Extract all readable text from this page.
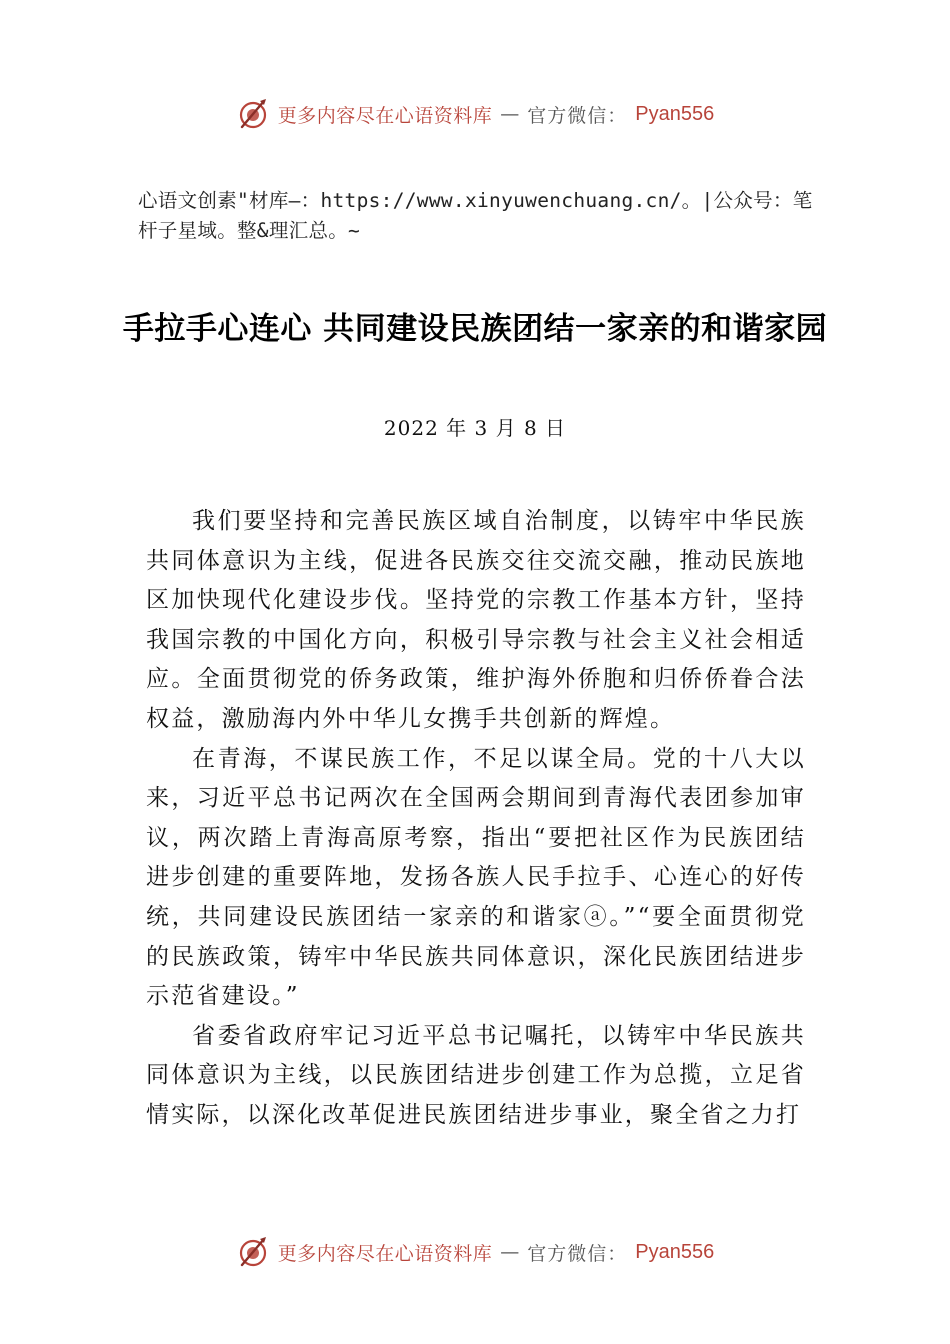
更多内容尽在心语资料库 — 官方微信： Pyan556
心语文创素"材库—：https://www.xinyuwenchuang.cn/。|公众号：笔杆子星域。整&理汇总。~
手拉手心连心 共同建设民族团结一家亲的和谐家园
2022 年 3 月 8 日

我们要坚持和完善民族区域自治制度，以铸牢中华民族共同体意识为主线，促进各民族交往交流交融，推动民族地区加快现代化建设步伐。坚持党的宗教工作基本方针，坚持我国宗教的中国化方向，积极引导宗教与社会主义社会相适应。全面贯彻党的侨务政策，维护海外侨胞和归侨侨眷合法权益，激励海内外中华儿女携手共创新的辉煌。

在青海，不谋民族工作，不足以谋全局。党的十八大以来，习近平总书记两次在全国两会期间到青海代表团参加审议，两次踏上青海高原考察，指出“要把社区作为民族团结进步创建的重要阵地，发扬各族人民手拉手、心连心的好传统，共同建设民族团结一家亲的和谐家ⓐ。”“要全面贯彻党的民族政策，铸牢中华民族共同体意识，深化民族团结进步示范省建设。”

省委省政府牢记习近平总书记嘱托，以铸牢中华民族共同体意识为主线，以民族团结进步创建工作为总揽，立足省情实际，以深化改革促进民族团结进步事业，聚全省之力打

更多内容尽在心语资料库 — 官方微信： Pyan556
